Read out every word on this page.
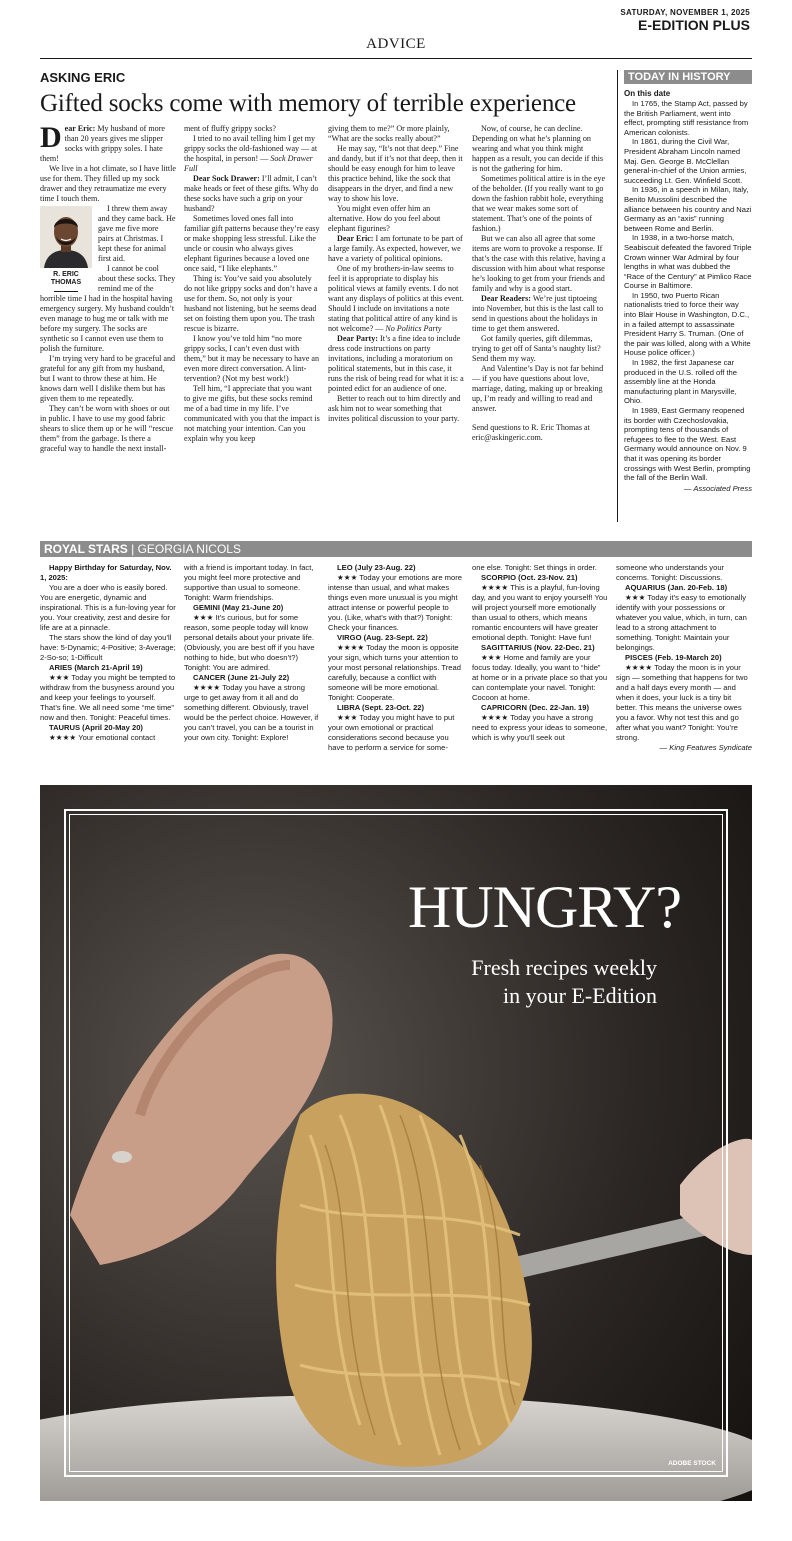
SATURDAY, NOVEMBER 1, 2025
E-EDITION PLUS
ADVICE
ASKING ERIC
Gifted socks come with memory of terrible experience
D ear Eric: My husband of more than 20 years gives me slipper socks with grippy soles. I hate them!

We live in a hot climate, so I have little use for them. They filled up my sock drawer and they retraumatize me every time I touch them.

R. ERIC THOMAS

I threw them away and they came back. He gave me five more pairs at Christmas. I kept these for animal first aid.

I cannot be cool about these socks. They remind me of the horrible time I had in the hospital having emergency surgery. My husband couldn’t even manage to hug me or talk with me before my surgery. The socks are synthetic so I cannot even use them to polish the furniture.

I’m trying very hard to be graceful and grateful for any gift from my husband, but I want to throw these at him. He knows darn well I dislike them but has given them to me repeatedly.

They can’t be worn with shoes or out in public. I have to use my good fabric shears to slice them up or he will “rescue them” from the garbage. Is there a graceful way to handle the next install-

ment of fluffy grippy socks?

I tried to no avail telling him I get my grippy socks the old-fashioned way — at the hospital, in person! — Sock Drawer Full

Dear Sock Drawer: I’ll admit, I can’t make heads or feet of these gifts. Why do these socks have such a grip on your husband?

Sometimes loved ones fall into familiar gift patterns because they’re easy or make shopping less stressful. Like the uncle or cousin who always gives elephant figurines because a loved one once said, “I like elephants.”

Thing is: You’ve said you absolutely do not like grippy socks and don’t have a use for them. So, not only is your husband not listening, but he seems dead set on foisting them upon you. The trash rescue is bizarre.

I know you’ve told him “no more grippy socks, I can’t even dust with them,” but it may be necessary to have an even more direct conversation. A lint-tervention? (Not my best work!)

Tell him, “I appreciate that you want to give me gifts, but these socks remind me of a bad time in my life. I’ve communicated with you that the impact is not matching your intention. Can you explain why you keep

giving them to me?” Or more plainly, “What are the socks really about?”

He may say, “It’s not that deep.” Fine and dandy, but if it’s not that deep, then it should be easy enough for him to leave this practice behind, like the sock that disappears in the dryer, and find a new way to show his love.

You might even offer him an alternative. How do you feel about elephant figurines?

Dear Eric: I am fortunate to be part of a large family. As expected, however, we have a variety of political opinions.

One of my brothers-in-law seems to feel it is appropriate to display his political views at family events. I do not want any displays of politics at this event. Should I include on invitations a note stating that political attire of any kind is not welcome? — No Politics Party

Dear Party: It’s a fine idea to include dress code instructions on party invitations, including a moratorium on political statements, but in this case, it runs the risk of being read for what it is: a pointed edict for an audience of one.

Better to reach out to him directly and ask him not to wear something that invites political discussion to your party.

Now, of course, he can decline. Depending on what he’s planning on wearing and what you think might happen as a result, you can decide if this is not the gathering for him.

Sometimes political attire is in the eye of the beholder. (If you really want to go down the fashion rabbit hole, everything that we wear makes some sort of statement. That’s one of the points of fashion.)

But we can also all agree that some items are worn to provoke a response. If that’s the case with this relative, having a discussion with him about what response he’s looking to get from your friends and family and why is a good start.

Dear Readers: We’re just tiptoeing into November, but this is the last call to send in questions about the holidays in time to get them answered.

Got family queries, gift dilemmas, trying to get off of Santa’s naughty list? Send them my way.

And Valentine’s Day is not far behind — if you have questions about love, marriage, dating, making up or breaking up, I’m ready and willing to read and answer.

Send questions to R. Eric Thomas at eric@askingeric.com.

TODAY IN HISTORY
On this date

In 1765, the Stamp Act, passed by the British Parliament, went into effect, prompting stiff resistance from American colonists.

In 1861, during the Civil War, President Abraham Lincoln named Maj. Gen. George B. McClellan general-in-chief of the Union armies, succeeding Lt. Gen. Winfield Scott.

In 1936, in a speech in Milan, Italy, Benito Mussolini described the alliance between his country and Nazi Germany as an “axis” running between Rome and Berlin.

In 1938, in a two-horse match, Seabiscuit defeated the favored Triple Crown winner War Admiral by four lengths in what was dubbed the “Race of the Century” at Pimlico Race Course in Baltimore.

In 1950, two Puerto Rican nationalists tried to force their way into Blair House in Washington, D.C., in a failed attempt to assassinate President Harry S. Truman. (One of the pair was killed, along with a White House police officer.)

In 1982, the first Japanese car produced in the U.S. rolled off the assembly line at the Honda manufacturing plant in Marysville, Ohio.

In 1989, East Germany reopened its border with Czechoslovakia, prompting tens of thousands of refugees to flee to the West. East Germany would announce on Nov. 9 that it was opening its border crossings with West Berlin, prompting the fall of the Berlin Wall.

— Associated Press
ROYAL STARS | GEORGIA NICOLS
Happy Birthday for Saturday, Nov. 1, 2025:

You are a doer who is easily bored. You are energetic, dynamic and inspirational. This is a fun-loving year for you. Your creativity, zest and desire for life are at a pinnacle.

The stars show the kind of day you’ll have: 5-Dynamic; 4-Positive; 3-Average; 2-So-so; 1-Difficult

ARIES (March 21-April 19)

★★★ Today you might be tempted to withdraw from the busyness around you and keep your feelings to yourself. That’s fine. We all need some “me time” now and then. Tonight: Peaceful times.

TAURUS (April 20-May 20)

★★★★ Your emotional contact

with a friend is important today. In fact, you might feel more protective and supportive than usual to someone. Tonight: Warm friendships.

GEMINI (May 21-June 20)

★★★ It’s curious, but for some reason, some people today will know personal details about your private life. (Obviously, you are best off if you have nothing to hide, but who doesn’t?) Tonight: You are admired.

CANCER (June 21-July 22)

★★★★ Today you have a strong urge to get away from it all and do something different. Obviously, travel would be the perfect choice. However, if you can’t travel, you can be a tourist in your own city. Tonight: Explore!

LEO (July 23-Aug. 22)

★★★ Today your emotions are more intense than usual, and what makes things even more unusual is you might attract intense or powerful people to you. (Like, what’s with that?) Tonight: Check your finances.

VIRGO (Aug. 23-Sept. 22)

★★★★ Today the moon is opposite your sign, which turns your attention to your most personal relationships. Tread carefully, because a conflict with someone will be more emotional. Tonight: Cooperate.

LIBRA (Sept. 23-Oct. 22)

★★★ Today you might have to put your own emotional or practical considerations second because you have to perform a service for some-

one else. Tonight: Set things in order.

SCORPIO (Oct. 23-Nov. 21)

★★★★ This is a playful, fun-loving day, and you want to enjoy yourself! You will project yourself more emotionally than usual to others, which means romantic encounters will have greater emotional depth. Tonight: Have fun!

SAGITTARIUS (Nov. 22-Dec. 21)

★★★ Home and family are your focus today. Ideally, you want to “hide” at home or in a private place so that you can contemplate your navel. Tonight: Cocoon at home.

CAPRICORN (Dec. 22-Jan. 19)

★★★★ Today you have a strong need to express your ideas to someone, which is why you’ll seek out

someone who understands your concerns. Tonight: Discussions.

AQUARIUS (Jan. 20-Feb. 18)

★★★ Today it’s easy to emotionally identify with your possessions or whatever you value, which, in turn, can lead to a strong attachment to something. Tonight: Maintain your belongings.

PISCES (Feb. 19-March 20)

★★★★ Today the moon is in your sign — something that happens for two and a half days every month — and when it does, your luck is a tiny bit better. This means the universe owes you a favor. Why not test this and go after what you want? Tonight: You’re strong.

— King Features Syndicate
HUNGRY?
Fresh recipes weekly
in your E-Edition
ADOBE STOCK
